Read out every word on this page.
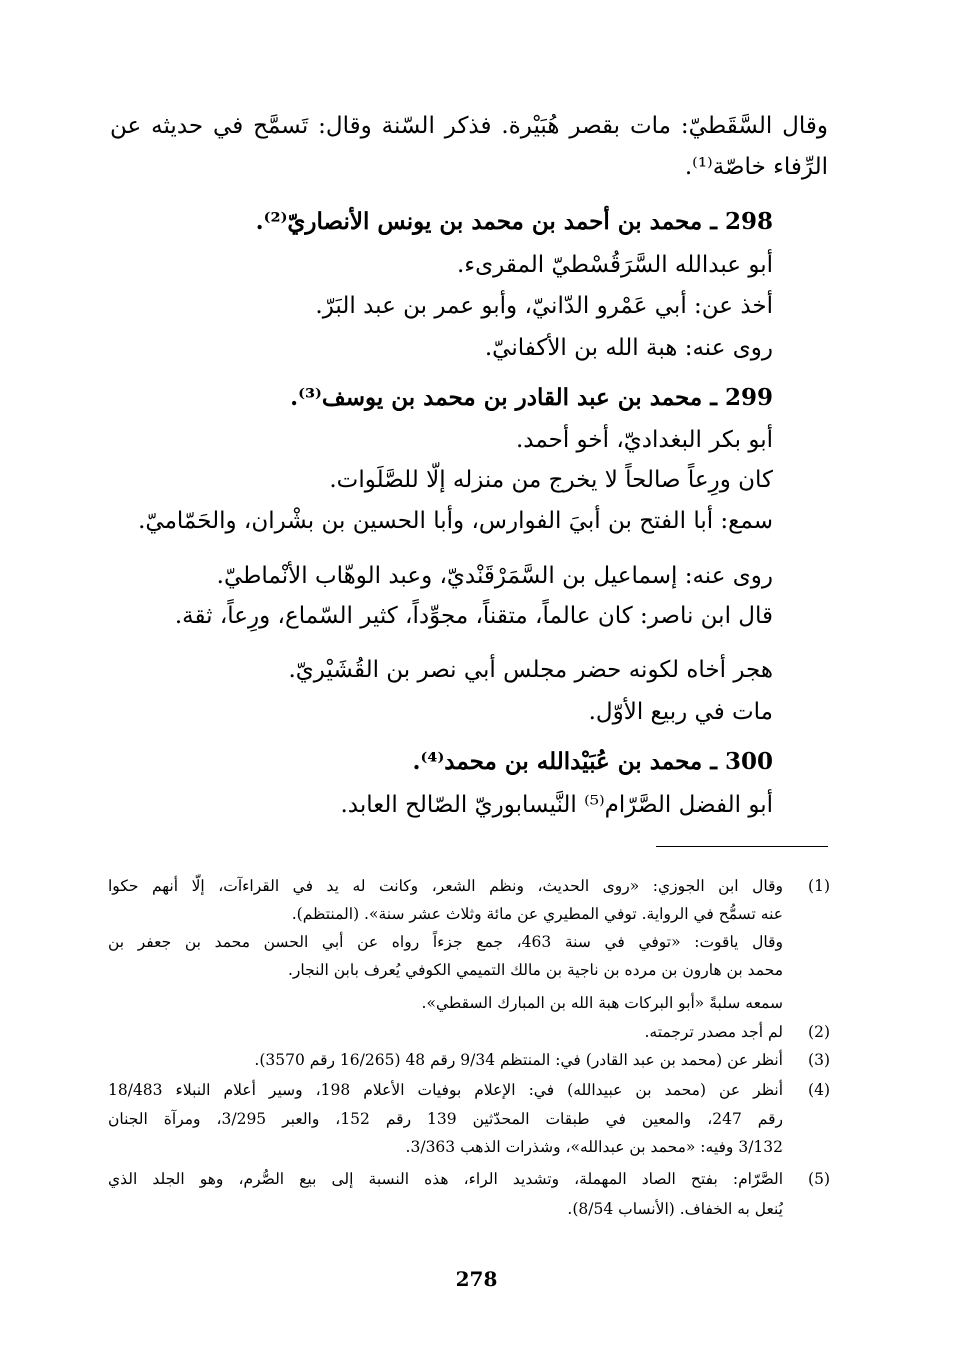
وقال السَّقَطيّ: مات بقصر هُبَيْرة. فذكر السّنة وقال: تَسمَّح في حديثه عن
الرِّفاء خاصّة⁽¹⁾.
298 ـ محمد بن أحمد بن محمد بن يونس الأنصاريّ⁽²⁾.
أبو عبدالله السَّرَقُسْطيّ المقرىء.
أخذ عن: أبي عَمْرو الدّانيّ، وأبو عمر بن عبد البَرّ.
روى عنه: هبة الله بن الأكفانيّ.
299 ـ محمد بن عبد القادر بن محمد بن يوسف⁽³⁾.
أبو بكر البغداديّ، أخو أحمد.
كان ورِعاً صالحاً لا يخرج من منزله إلّا للصَّلَوات.
سمع: أبا الفتح بن أبيَ الفوارس، وأبا الحسين بن بشْران، والحَمّاميّ.
روى عنه: إسماعيل بن السَّمَرْقَنْديّ، وعبد الوهّاب الأنْماطيّ.
قال ابن ناصر: كان عالماً، متقناً، مجوِّداً، كثير السّماع، ورِعاً، ثقة.
هجر أخاه لكونه حضر مجلس أبي نصر بن القُشَيْريّ.
مات في ربيع الأوّل.
300 ـ محمد بن عُبَيْدالله بن محمد⁽⁴⁾.
أبو الفضل الصَّرّام⁽⁵⁾ النَّيسابوريّ الصّالح العابد.
(1)
وقال ابن الجوزي: «روى الحديث، ونظم الشعر، وكانت له يد في القراءآت، إلّا أنهم حكوا
عنه تسمُّح في الرواية. توفي المطيري عن مائة وثلاث عشر سنة». (المنتظم).
وقال ياقوت: «توفي في سنة 463، جمع جزءاً رواه عن أبي الحسن محمد بن جعفر بن
محمد بن هارون بن مرده بن ناجية بن مالك التميمي الكوفي يُعرف بابن النجار.
سمعه سلبةً «أبو البركات هبة الله بن المبارك السقطي».
(2)
لم أجد مصدر ترجمته.
(3)
أنظر عن (محمد بن عبد القادر) في: المنتظم 9/34 رقم 48 (16/265 رقم 3570).
(4)
أنظر عن (محمد بن عبيدالله) في: الإعلام بوفيات الأعلام 198، وسير أعلام النبلاء 18/483
رقم 247، والمعين في طبقات المحدّثين 139 رقم 152، والعبر 3/295، ومرآة الجنان
3/132 وفيه: «محمد بن عبدالله»، وشذرات الذهب 3/363.
(5)
الصَّرّام: بفتح الصاد المهملة، وتشديد الراء، هذه النسبة إلى بيع الصُّرم، وهو الجلد الذي
يُنعل به الخفاف. (الأنساب 8/54).
278
